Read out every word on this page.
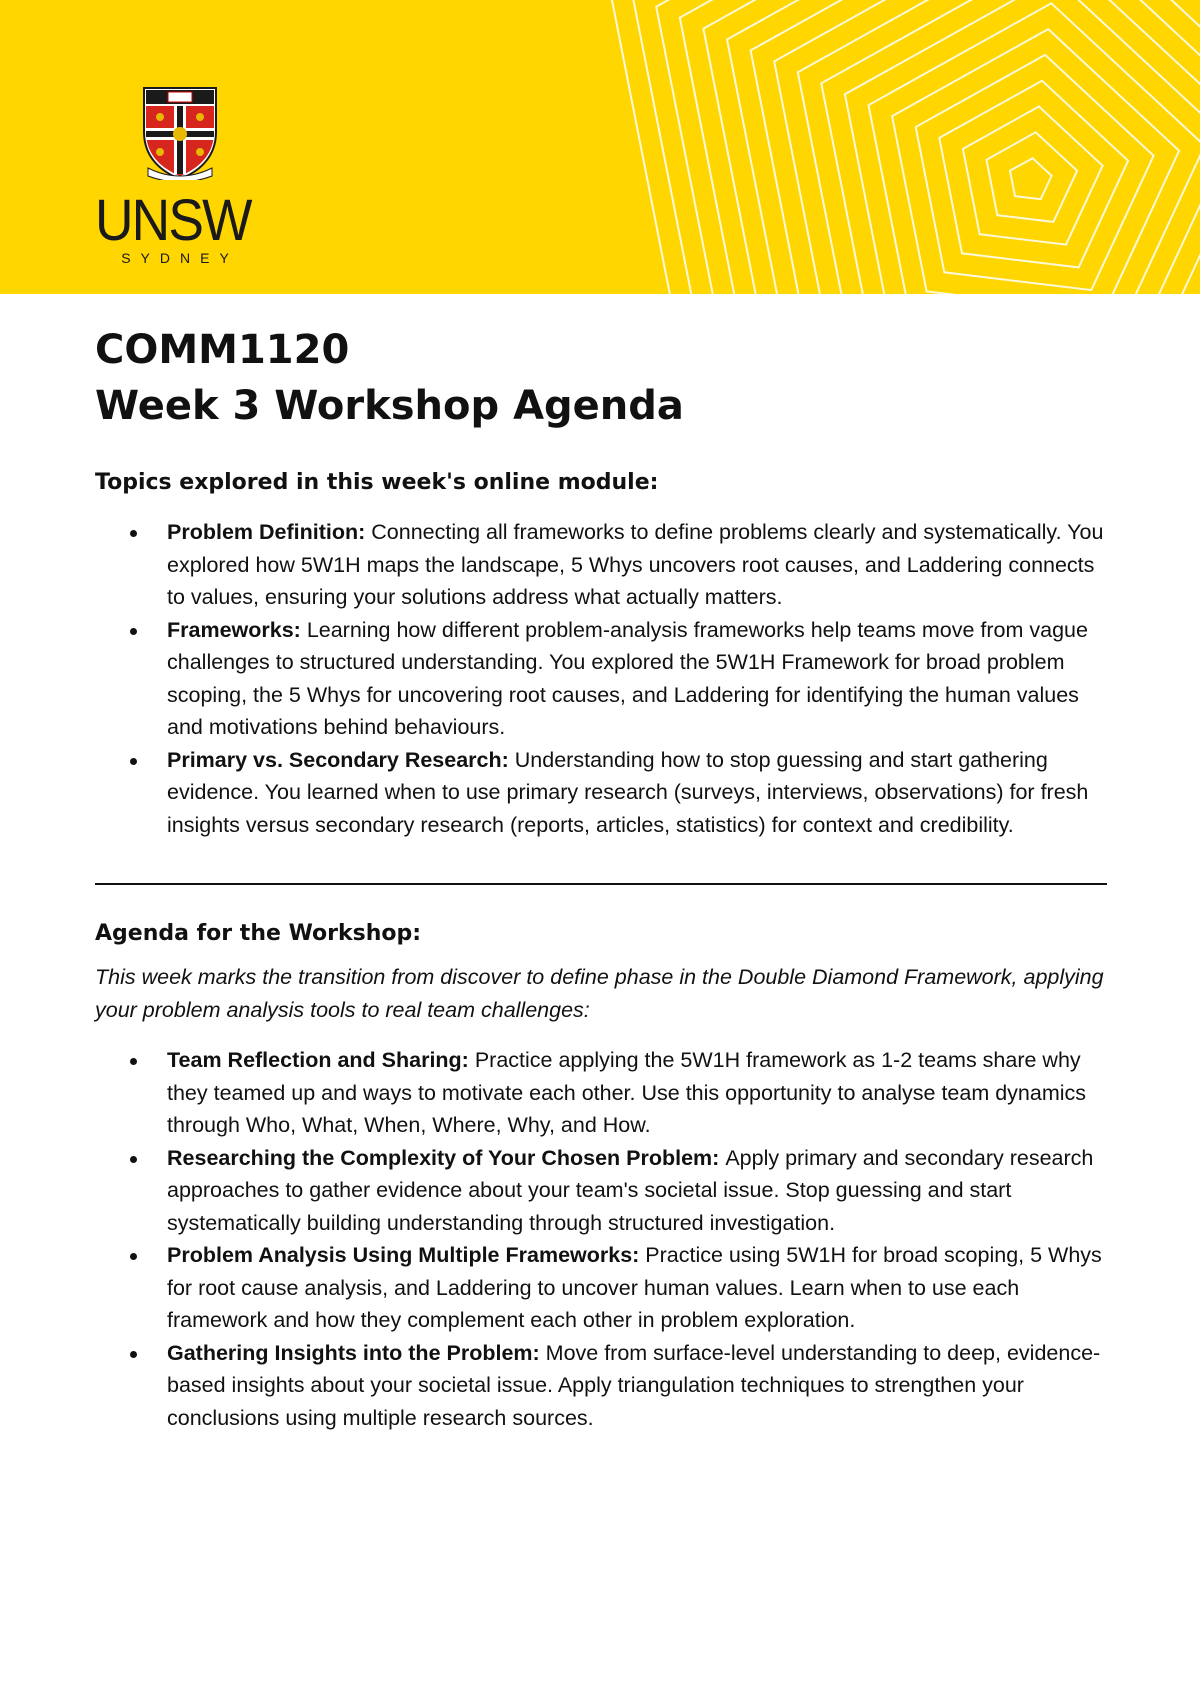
UNSW
SYDNEY
COMM1120
Week 3 Workshop Agenda
Topics explored in this week's online module:
Problem Definition: Connecting all frameworks to define problems clearly and systematically. You explored how 5W1H maps the landscape, 5 Whys uncovers root causes, and Laddering connects to values, ensuring your solutions address what actually matters.
Frameworks: Learning how different problem-analysis frameworks help teams move from vague challenges to structured understanding. You explored the 5W1H Framework for broad problem scoping, the 5 Whys for uncovering root causes, and Laddering for identifying the human values and motivations behind behaviours.
Primary vs. Secondary Research: Understanding how to stop guessing and start gathering evidence. You learned when to use primary research (surveys, interviews, observations) for fresh insights versus secondary research (reports, articles, statistics) for context and credibility.
Agenda for the Workshop:

This week marks the transition from discover to define phase in the Double Diamond Framework, applying your problem analysis tools to real team challenges:

Team Reflection and Sharing: Practice applying the 5W1H framework as 1-2 teams share why they teamed up and ways to motivate each other. Use this opportunity to analyse team dynamics through Who, What, When, Where, Why, and How.
Researching the Complexity of Your Chosen Problem: Apply primary and secondary research approaches to gather evidence about your team's societal issue. Stop guessing and start systematically building understanding through structured investigation.
Problem Analysis Using Multiple Frameworks: Practice using 5W1H for broad scoping, 5 Whys for root cause analysis, and Laddering to uncover human values. Learn when to use each framework and how they complement each other in problem exploration.
Gathering Insights into the Problem: Move from surface-level understanding to deep, evidence-based insights about your societal issue. Apply triangulation techniques to strengthen your conclusions using multiple research sources.
